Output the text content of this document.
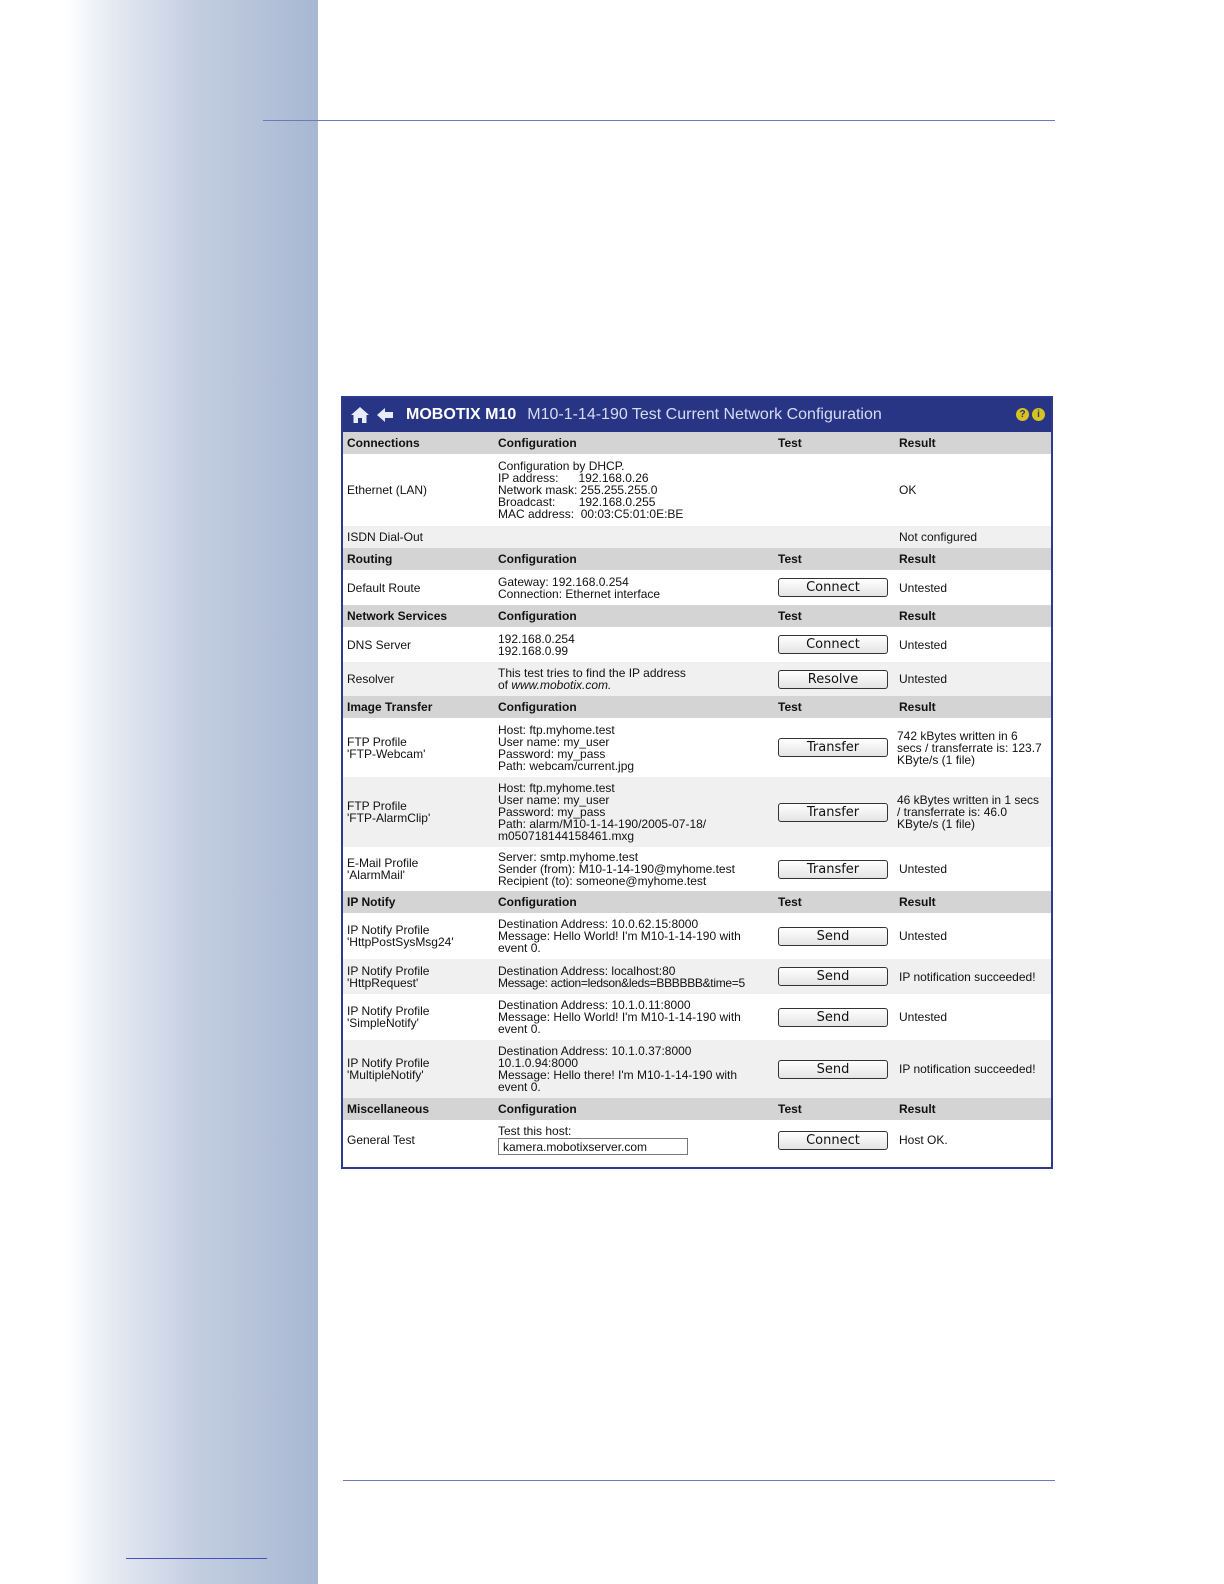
MOBOTIX M10 M10-1-14-190 Test Current Network Configuration	?	i
Connections	Configuration	Test	Result
Ethernet (LAN)	Configuration by DHCP.
IP address:      192.168.0.26
Network mask: 255.255.255.0
Broadcast:       192.168.0.255
MAC address:  00:03:C5:01:0E:BE		OK
ISDN Dial-Out			Not configured
Routing	Configuration	Test	Result
Default Route	Gateway: 192.168.0.254
Connection: Ethernet interface	Connect	Untested
Network Services	Configuration	Test	Result
DNS Server	192.168.0.254
192.168.0.99	Connect	Untested
Resolver	This test tries to find the IP address
of www.mobotix.com.	Resolve	Untested
Image Transfer	Configuration	Test	Result

FTP Profile
'FTP-Webcam'	Host: ftp.myhome.test
User name: my_user
Password: my_pass
Path: webcam/current.jpg	Transfer	742 kBytes written in 6
secs / transferrate is: 123.7
KByte/s (1 file)

FTP Profile
'FTP-AlarmClip'	Host: ftp.myhome.test
User name: my_user
Password: my_pass
Path: alarm/M10-1-14-190/2005-07-18/
m050718144158461.mxg	Transfer	46 kBytes written in 1 secs
/ transferrate is: 46.0
KByte/s (1 file)

E-Mail Profile
'AlarmMail'	Server: smtp.myhome.test
Sender (from): M10-1-14-190@myhome.test
Recipient (to): someone@myhome.test	Transfer	Untested
IP Notify	Configuration	Test	Result

IP Notify Profile
'HttpPostSysMsg24'	Destination Address: 10.0.62.15:8000
Message: Hello World! I'm M10-1-14-190 with
event 0.	Send	Untested

IP Notify Profile
'HttpRequest'	Destination Address: localhost:80
Message: action=ledson&leds=BBBBBB&time=5	Send	IP notification succeeded!

IP Notify Profile
'SimpleNotify'	Destination Address: 10.1.0.11:8000
Message: Hello World! I'm M10-1-14-190 with
event 0.	Send	Untested

IP Notify Profile
'MultipleNotify'	Destination Address: 10.1.0.37:8000
10.1.0.94:8000
Message: Hello there! I'm M10-1-14-190 with
event 0.	Send	IP notification succeeded!
Miscellaneous	Configuration	Test	Result
General Test	Test this host:
kamera.mobotixserver.com	Connect	Host OK.
